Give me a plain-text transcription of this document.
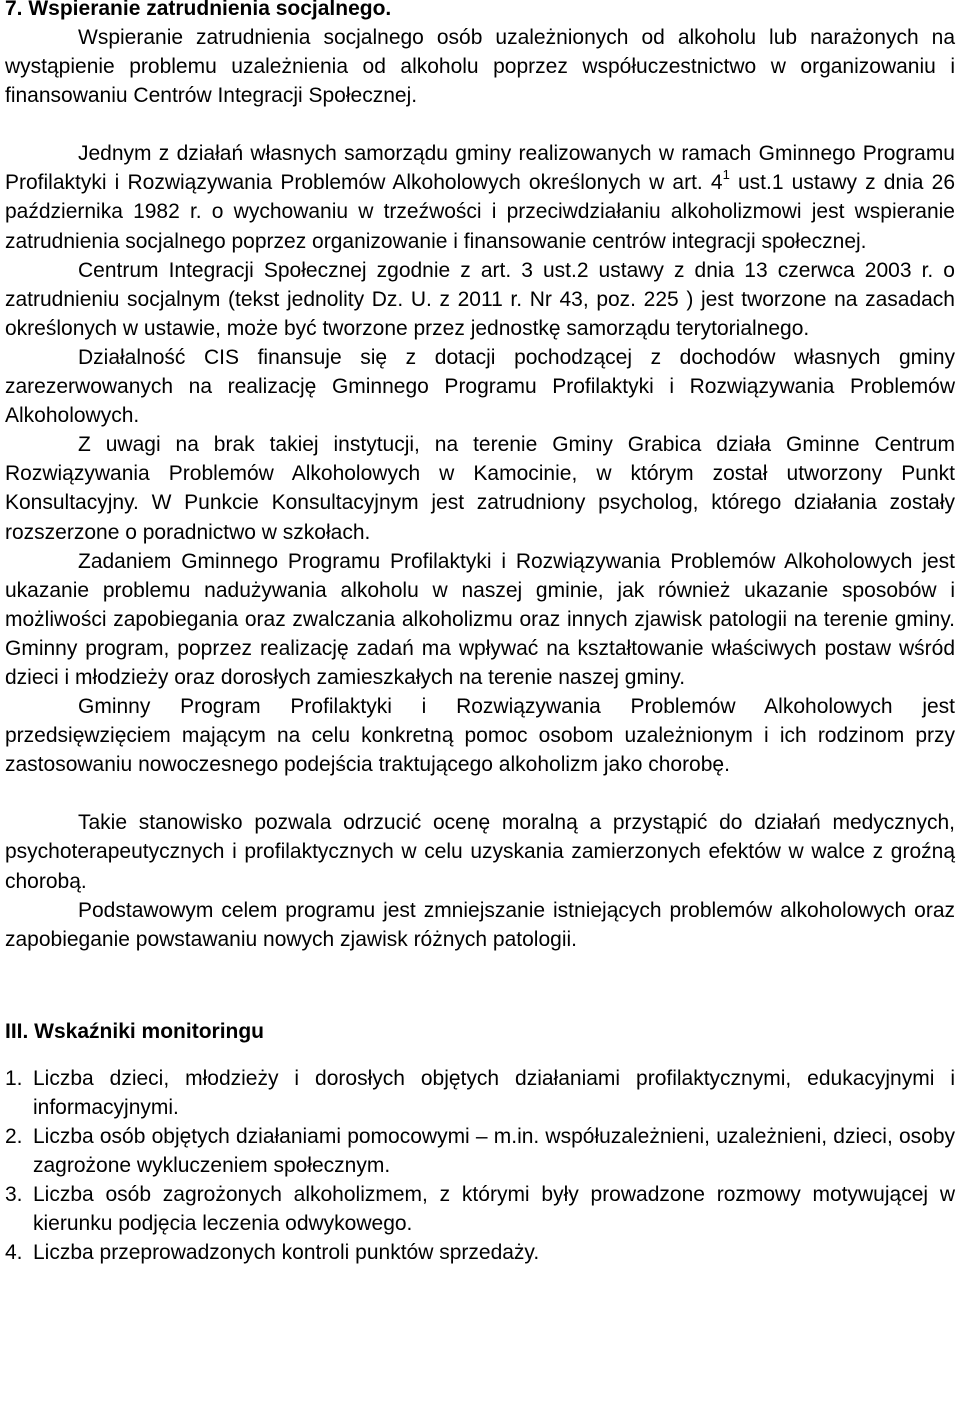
7. Wspieranie zatrudnienia socjalnego.

Wspieranie zatrudnienia socjalnego osób uzależnionych od alkoholu lub narażonych na wystąpienie problemu uzależnienia od alkoholu poprzez współuczestnictwo w organizowaniu i finansowaniu Centrów Integracji Społecznej.

Jednym z działań własnych samorządu gminy realizowanych w ramach Gminnego Programu Profilaktyki i Rozwiązywania Problemów Alkoholowych określonych w art. $4^1$ ust.1 ustawy z dnia 26 października 1982 r. o wychowaniu w trzeźwości i przeciwdziałaniu alkoholizmowi jest wspieranie zatrudnienia socjalnego poprzez organizowanie i finansowanie centrów integracji społecznej.

Centrum Integracji Społecznej zgodnie z art. 3 ust.2 ustawy z dnia 13 czerwca 2003 r. o zatrudnieniu socjalnym (tekst jednolity Dz. U. z 2011 r. Nr 43, poz. 225 ) jest tworzone na zasadach określonych w ustawie, może być tworzone przez jednostkę samorządu terytorialnego.

Działalność CIS finansuje się z dotacji pochodzącej z dochodów własnych gminy zarezerwowanych na realizację Gminnego Programu Profilaktyki i Rozwiązywania Problemów Alkoholowych.

Z uwagi na brak takiej instytucji, na terenie Gminy Grabica działa Gminne Centrum Rozwiązywania Problemów Alkoholowych w Kamocinie, w którym został utworzony Punkt Konsultacyjny. W Punkcie Konsultacyjnym jest zatrudniony psycholog, którego działania zostały rozszerzone o poradnictwo w szkołach.

Zadaniem Gminnego Programu Profilaktyki i Rozwiązywania Problemów Alkoholowych jest ukazanie problemu nadużywania alkoholu w naszej gminie, jak również ukazanie sposobów i możliwości zapobiegania oraz zwalczania alkoholizmu oraz innych zjawisk patologii na terenie gminy. Gminny program, poprzez realizację zadań ma wpływać na kształtowanie właściwych postaw wśród dzieci i młodzieży oraz dorosłych zamieszkałych na terenie naszej gminy.

Gminny Program Profilaktyki i Rozwiązywania Problemów Alkoholowych jest przedsięwzięciem mającym na celu konkretną pomoc osobom uzależnionym i ich rodzinom przy zastosowaniu nowoczesnego podejścia traktującego alkoholizm jako chorobę.

Takie stanowisko pozwala odrzucić ocenę moralną a przystąpić do działań medycznych, psychoterapeutycznych i profilaktycznych w celu uzyskania zamierzonych efektów w walce z groźną chorobą.

Podstawowym celem programu jest zmniejszanie istniejących problemów alkoholowych oraz zapobieganie powstawaniu nowych zjawisk różnych patologii.

III. Wskaźniki monitoringu
1. Liczba dzieci, młodzieży i dorosłych objętych działaniami profilaktycznymi, edukacyjnymi i informacyjnymi.
2. Liczba osób objętych działaniami pomocowymi – m.in. współuzależnieni, uzależnieni, dzieci, osoby zagrożone wykluczeniem społecznym.
3. Liczba osób zagrożonych alkoholizmem, z którymi były prowadzone rozmowy motywującej w kierunku podjęcia leczenia odwykowego.
4. Liczba przeprowadzonych kontroli punktów sprzedaży.
